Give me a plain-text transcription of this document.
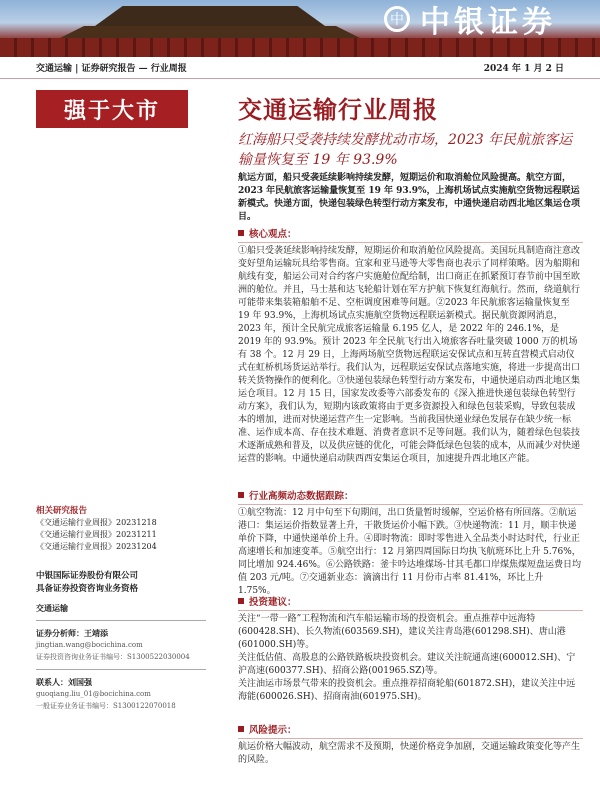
中 中银证券
交通运输 | 证券研究报告 — 行业周报	2024 年 1 月 2 日
强于大市	交通运输行业周报
红海船只受袭持续发酵扰动市场，2023 年民航旅客运输量恢复至 19 年 93.9%
航运方面，船只受袭延续影响持续发酵，短期运价和取消舱位风险提高。航空方面，2023 年民航旅客运输量恢复至 19 年 93.9%，上海机场试点实施航空货物远程联运新模式。快递方面，快递包装绿色转型行动方案发布，中通快递启动西北地区集运仓项目。
核心观点：
①船只受袭延续影响持续发酵，短期运价和取消舱位风险提高。美国玩具制造商注意改变好望角运输玩具给零售商。宜家和亚马逊等大零售商也表示了同样策略。因为船期和航线有变，船运公司对合约客户实施舱位配给制，出口商正在抓紧预订春节前中国至欧洲的舱位。并且，马士基和达飞轮船计划在军方护航下恢复红海航行。然而，绕道航行可能带来集装箱船舶不足、空柜调度困难等问题。②2023 年民航旅客运输量恢复至 19 年 93.9%，上海机场试点实施航空货物远程联运新模式。据民航资源网消息，2023 年，预计全民航完成旅客运输量 6.195 亿人，是 2022 年的 246.1%，是 2019 年的 93.9%。预计 2023 年全民航飞行出入境旅客吞吐量突破 1000 万的机场有 38 个。12 月 29 日，上海两场航空货物远程联运安保试点和互转直营模式启动仪式在虹桥机场货运站举行。我们认为，远程联运安保试点落地实施，将进一步提高出口转关货物操作的便利化。③快递包装绿色转型行动方案发布，中通快递启动西北地区集运仓项目。12 月 15 日，国家发改委等六部委发布的《深入推进快递包装绿色转型行动方案》，我们认为，短期内该政策将由于更多资源投入和绿色包装采购，导致包装成本的增加，进而对快递运营产生一定影响。当前我国快递业绿色发展存在缺少统一标准、运作成本高、存在技术难题、消费者意识不足等问题。我们认为，随着绿色包装技术逐渐成熟和普及，以及供应链的优化，可能会降低绿色包装的成本，从而减少对快递运营的影响。中通快递启动陕西西安集运仓项目，加速提升西北地区产能。
行业高频动态数据跟踪：
①航空物流：12 月中旬至下旬期间，出口货量暂时缓解，空运价格有所回落。②航运港口：集运运价指数显著上升，干散货运价小幅下跌。③快递物流：11 月，顺丰快递单价下降，中通快递单价上升。④即时物流：即时零售进入全品类小时达时代，行业正高速增长和加速变革。⑤航空出行：12 月第四周国际日均执飞航班环比上升 5.76%，同比增加 924.46%。⑥公路铁路：釜卡吟达堆煤场-甘其毛都口岸煤焦煤短盘运费日均值 203 元/吨。⑦交通新业态：滴滴出行 11 月份市占率 81.41%，环比上升 1.75%。
投资建议：
关注“一带一路”工程物流和汽车船运输市场的投资机会。重点推荐中远海特(600428.SH)、长久物流(603569.SH)，建议关注青岛港(601298.SH)、唐山港(601000.SH)等。
关注低估值、高股息的公路铁路板块投资机会。建议关注皖通高速(600012.SH)、宁沪高速(600377.SH)、招商公路(001965.SZ)等。
关注油运市场景气带来的投资机会。重点推荐招商轮船(601872.SH)，建议关注中远海能(600026.SH)、招商南油(601975.SH)。
风险提示：
航运价格大幅波动，航空需求不及预期，快递价格竞争加剧，交通运输政策变化等产生的风险。
相关研究报告
《交通运输行业周报》20231218
《交通运输行业周报》20231211
《交通运输行业周报》20231204
中银国际证券股份有限公司
具备证券投资咨询业务资格
交通运输
证券分析师：王靖添
jingtian.wang@bocichina.com
证券投资咨询业务证书编号：S1300522030004
联系人：刘国强
guoqiang.liu_01@bocichina.com
一般证券业务证书编号：S1300122070018
